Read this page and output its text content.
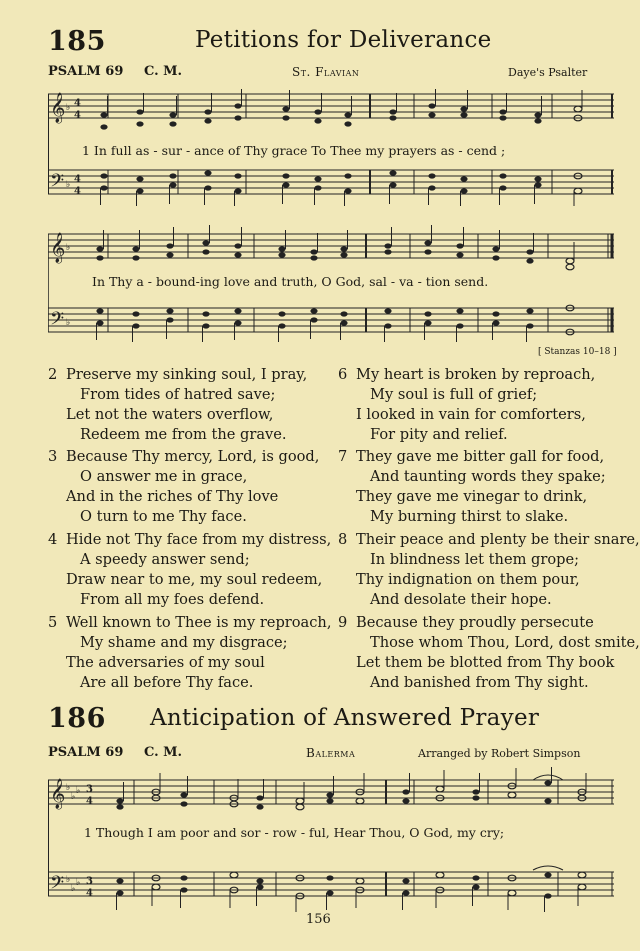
185	Petitions for Deliverance
PSALM 69 C. M.	St. Flavian	Daye's Psalter
𝄞
𝄢
♭
♭
4
4
4
4
1 In full as - sur - ance of Thy grace To Thee my prayers as - cend ;
𝄞
𝄢
♭
♭
In Thy a - bound-ing love and truth, O God, sal - va - tion send.
[ Stanzas 10–18 ]
2 Preserve my sinking soul, I pray,
From tides of hatred save;
Let not the waters overflow,
Redeem me from the grave.
3 Because Thy mercy, Lord, is good,
O answer me in grace,
And in the riches of Thy love
O turn to me Thy face.
4 Hide not Thy face from my distress,
A speedy answer send;
Draw near to me, my soul redeem,
From all my foes defend.
5 Well known to Thee is my reproach,
My shame and my disgrace;
The adversaries of my soul
Are all before Thy face.
6 My heart is broken by reproach,
My soul is full of grief;
I looked in vain for comforters,
For pity and relief.
7 They gave me bitter gall for food,
And taunting words they spake;
They gave me vinegar to drink,
My burning thirst to slake.
8 Their peace and plenty be their snare,
In blindness let them grope;
Thy indignation on them pour,
And desolate their hope.
9 Because they proudly persecute
Those whom Thou, Lord, dost smite,
Let them be blotted from Thy book
And banished from Thy sight.
186 Anticipation of Answered Prayer
PSALM 69 C. M.	Balerma	Arranged by Robert Simpson
𝄞
𝄢
♭
♭
♭
♭
♭
♭
3
4
3
4
1 Though I am poor and sor - row - ful, Hear Thou, O God, my cry;
156
